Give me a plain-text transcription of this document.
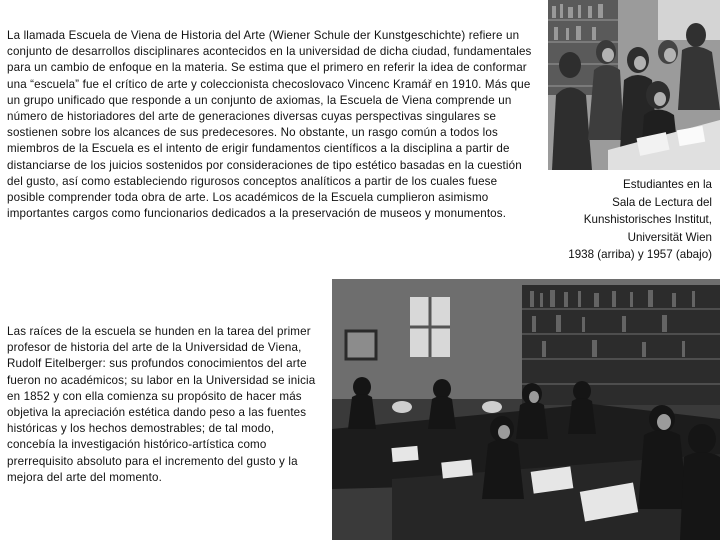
La llamada Escuela de Viena de Historia del Arte (Wiener Schule der Kunstgeschichte) refiere un conjunto de desarrollos disciplinares acontecidos en la universidad de dicha ciudad, fundamentales para un cambio de enfoque en la materia. Se estima que el primero en referir la idea de conformar una “escuela” fue el crítico de arte y coleccionista checoslovaco Vincenc Kramář en 1910. Más que un grupo unificado que responde a un conjunto de axiomas, la Escuela de Viena comprende un número de historiadores del arte de generaciones diversas cuyas perspectivas singulares se sostienen sobre los alcances de sus predecesores. No obstante, un rasgo común a todos los miembros de la Escuela es el intento de erigir fundamentos científicos a la disciplina a partir de distanciarse de los juicios sostenidos por consideraciones de tipo estético basadas en la cuestión del gusto, así como estableciendo rigurosos conceptos analíticos a partir de los cuales fuese posible comprender toda obra de arte. Los académicos de la Escuela cumplieron asimismo importantes cargos como funcionarios dedicados a la preservación de museos y monumentos.

Las raíces de la escuela se hunden en la tarea del primer profesor de historia del arte de la Universidad de Viena, Rudolf Eitelberger: sus profundos conocimientos del arte fueron no académicos; su labor en la Universidad se inicia en 1852 y con ella comienza su propósito de hacer más objetiva la apreciación estética dando peso a las fuentes históricas y los hechos demostrables; de tal modo, concebía la investigación histórico-artística como prerrequisito absoluto para el incremento del gusto y la mejora del arte del momento.

Estudiantes en la
Sala de Lectura del
Kunshistorisches Institut,
Universität Wien
1938 (arriba) y 1957 (abajo)
